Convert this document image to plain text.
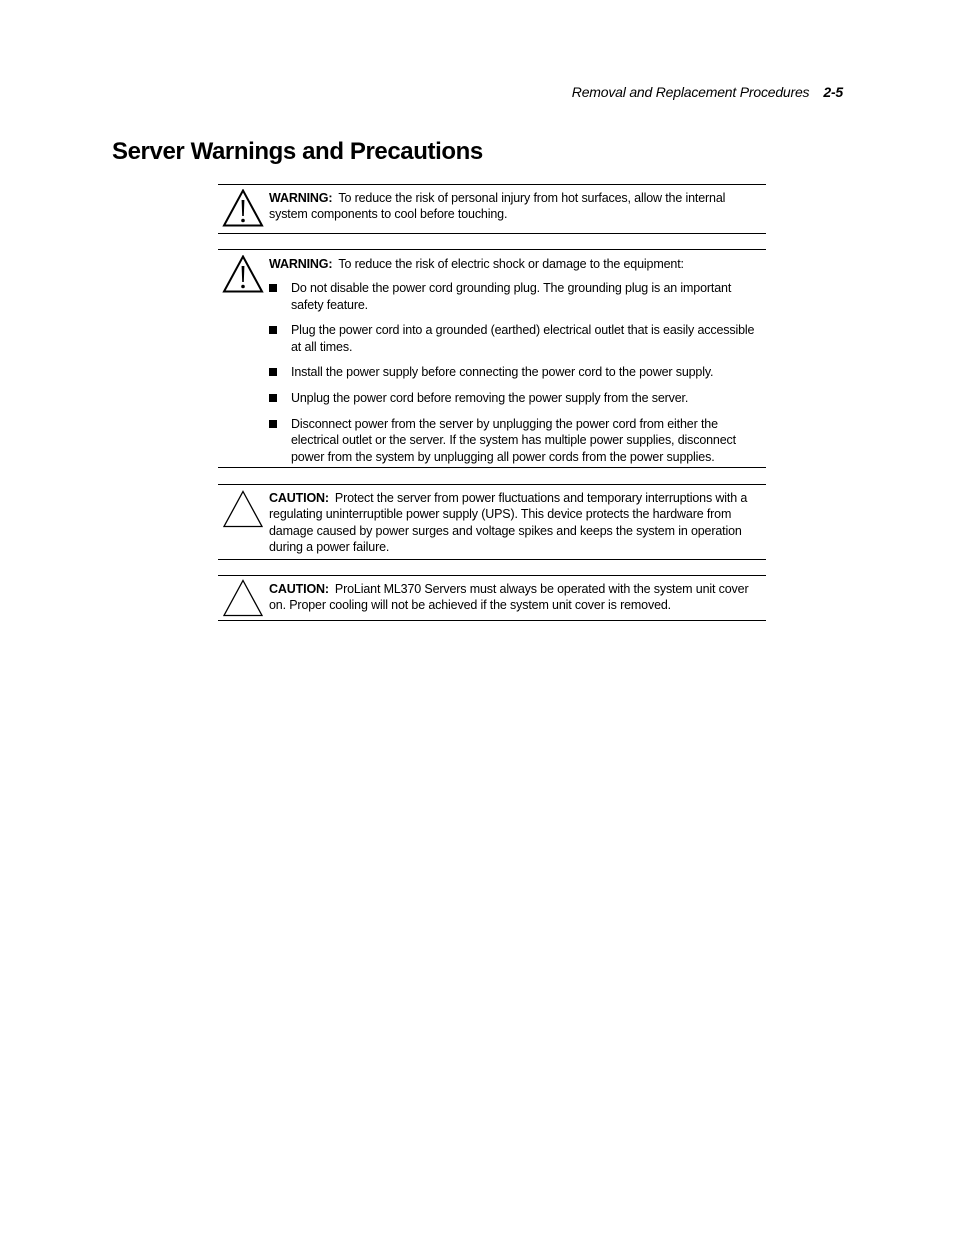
Removal and Replacement Procedures 2-5
Server Warnings and Precautions

WARNING: To reduce the risk of personal injury from hot surfaces, allow the internal system components to cool before touching.

WARNING: To reduce the risk of electric shock or damage to the equipment:

Do not disable the power cord grounding plug. The grounding plug is an important safety feature.
Plug the power cord into a grounded (earthed) electrical outlet that is easily accessible at all times.
Install the power supply before connecting the power cord to the power supply.
Unplug the power cord before removing the power supply from the server.
Disconnect power from the server by unplugging the power cord from either the electrical outlet or the server. If the system has multiple power supplies, disconnect power from the system by unplugging all power cords from the power supplies.

CAUTION: Protect the server from power fluctuations and temporary interruptions with a regulating uninterruptible power supply (UPS). This device protects the hardware from damage caused by power surges and voltage spikes and keeps the system in operation during a power failure.

CAUTION: ProLiant ML370 Servers must always be operated with the system unit cover on. Proper cooling will not be achieved if the system unit cover is removed.
